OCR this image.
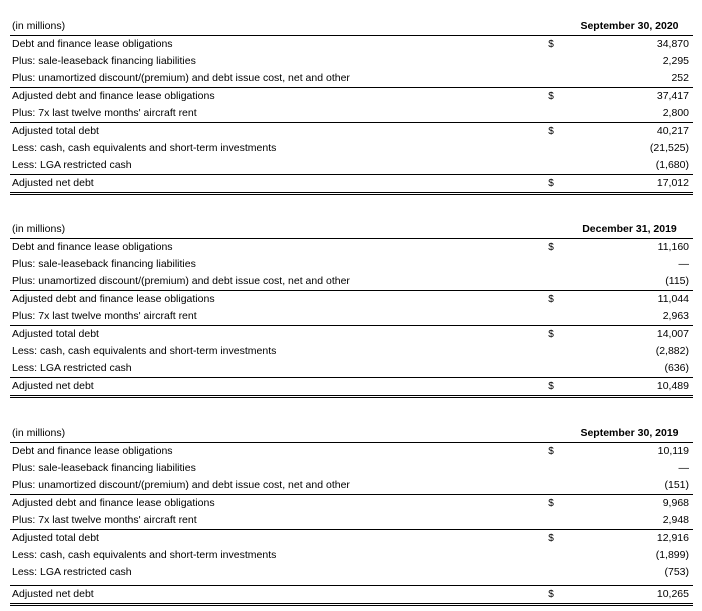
(in millions)	September 30, 2020
Debt and finance lease obligations	$	34,870
Plus: sale-leaseback financing liabilities	2,295
Plus: unamortized discount/(premium) and debt issue cost, net and other	252
Adjusted debt and finance lease obligations	$	37,417
Plus: 7x last twelve months' aircraft rent	2,800
Adjusted total debt	$	40,217
Less: cash, cash equivalents and short-term investments	(21,525)
Less: LGA restricted cash	(1,680)
Adjusted net debt	$	17,012
(in millions)	December 31, 2019
Debt and finance lease obligations	$	11,160
Plus: sale-leaseback financing liabilities	—
Plus: unamortized discount/(premium) and debt issue cost, net and other	(115)
Adjusted debt and finance lease obligations	$	11,044
Plus: 7x last twelve months' aircraft rent	2,963
Adjusted total debt	$	14,007
Less: cash, cash equivalents and short-term investments	(2,882)
Less: LGA restricted cash	(636)
Adjusted net debt	$	10,489
(in millions)	September 30, 2019
Debt and finance lease obligations	$	10,119
Plus: sale-leaseback financing liabilities	—
Plus: unamortized discount/(premium) and debt issue cost, net and other	(151)
Adjusted debt and finance lease obligations	$	9,968
Plus: 7x last twelve months' aircraft rent	2,948
Adjusted total debt	$	12,916
Less: cash, cash equivalents and short-term investments	(1,899)
Less: LGA restricted cash	(753)
Adjusted net debt	$	10,265
